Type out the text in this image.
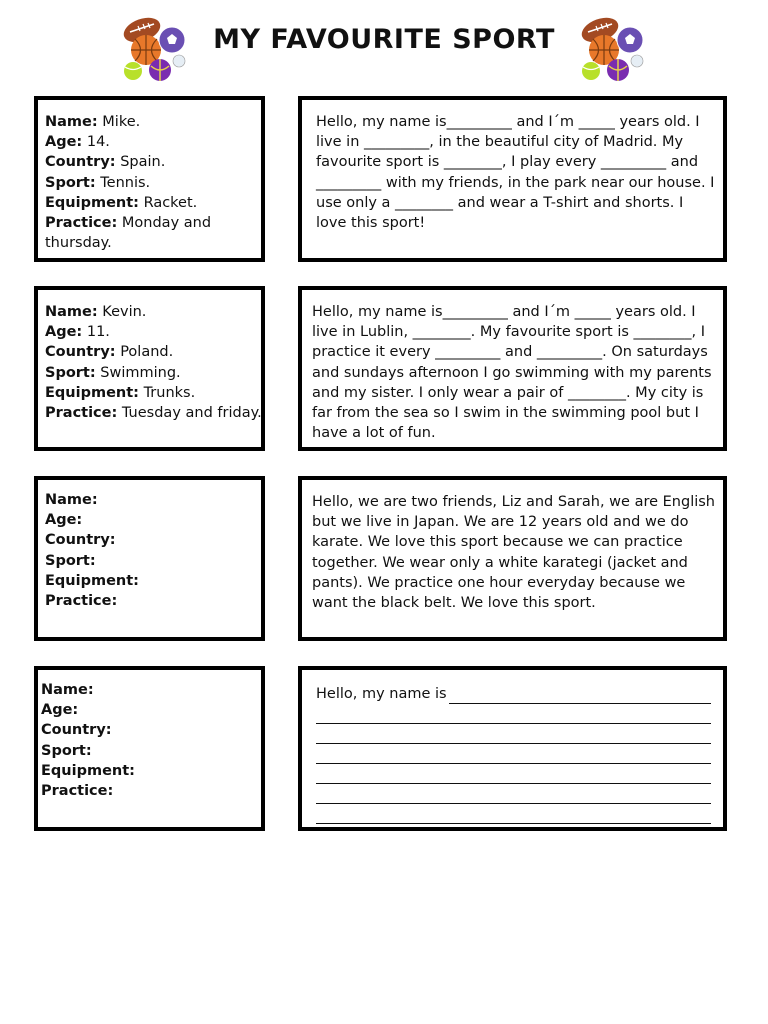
MY FAVOURITE SPORT
Name: Mike.
Age: 14.
Country: Spain.
Sport: Tennis.
Equipment: Racket.
Practice: Monday and
thursday.

Hello, my name is_________ and I´m _____ years old. I live in _________, in the beautiful city of Madrid. My favourite sport is ________, I play every _________ and _________ with my friends, in the park near our house. I use only a ________ and wear a T-shirt and shorts. I love this sport!

Name: Kevin.
Age: 11.
Country: Poland.
Sport: Swimming.
Equipment: Trunks.
Practice: Tuesday and friday.

Hello, my name is_________ and I´m _____ years old. I live in Lublin, ________. My favourite sport is ________, I practice it every _________ and _________. On saturdays and sundays afternoon I go swimming with my parents and my sister. I only wear a pair of ________. My city is far from the sea so I swim in the swimming pool but I have a lot of fun.

Name:
Age:
Country:
Sport:
Equipment:
Practice:

Hello, we are two friends, Liz and Sarah, we are English but we live in Japan. We are 12 years old and we do karate. We love this sport because we can practice together. We wear only a white karategi (jacket and pants). We practice one hour everyday because we want the black belt. We love this sport.

Name:
Age:
Country:
Sport:
Equipment:
Practice:
Hello, my name is
